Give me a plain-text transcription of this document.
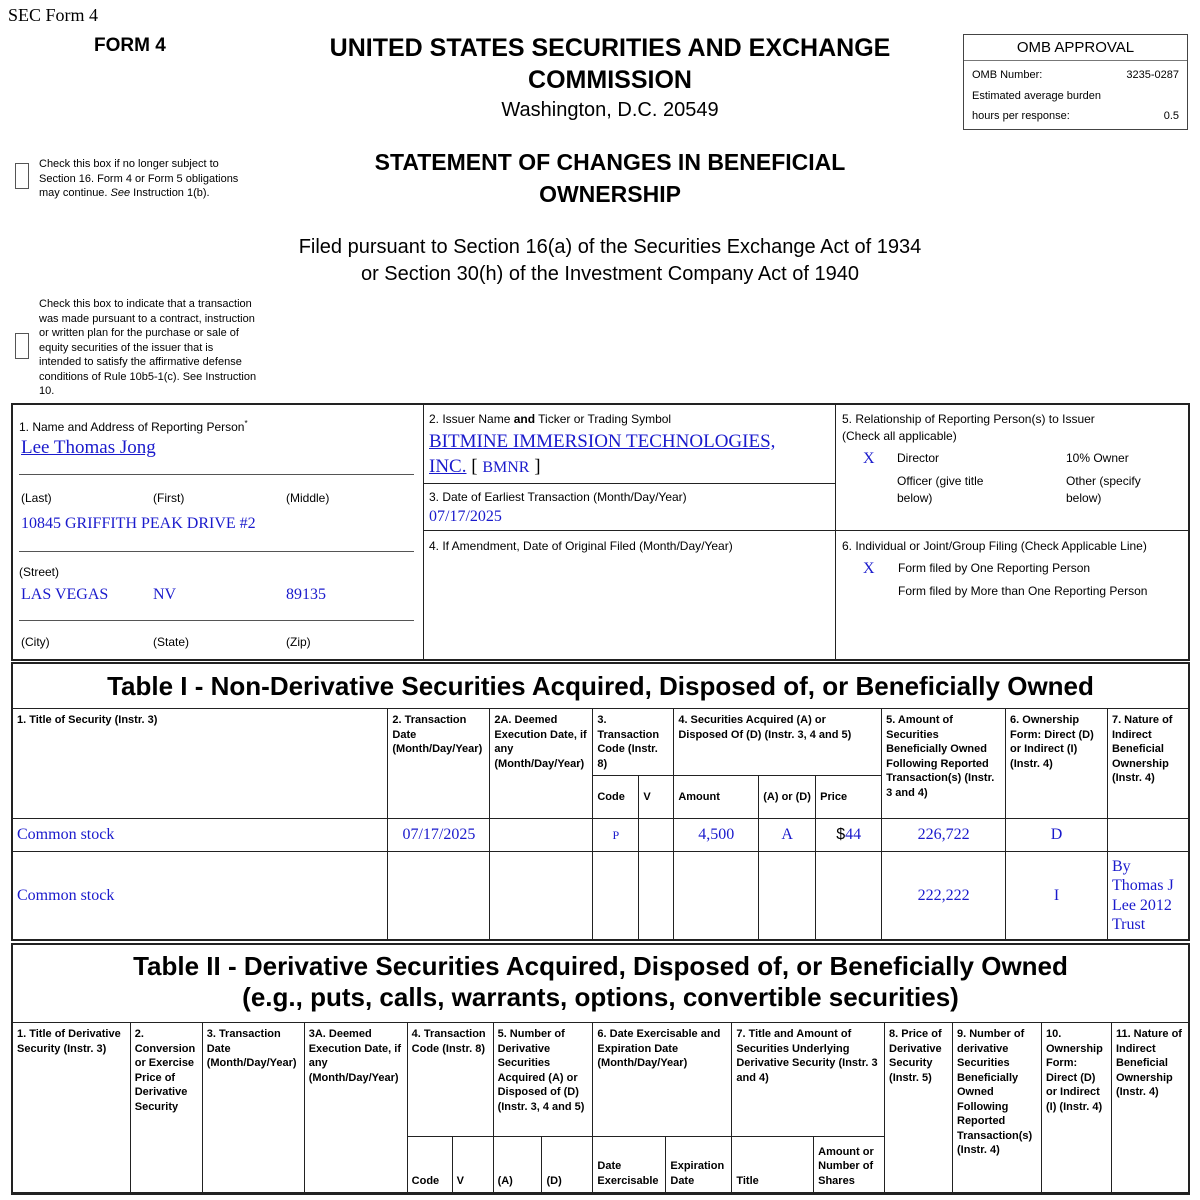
SEC Form 4
FORM 4	UNITED STATES SECURITIES AND EXCHANGE
COMMISSION
Washington, D.C. 20549
STATEMENT OF CHANGES IN BENEFICIAL
OWNERSHIP
Filed pursuant to Section 16(a) of the Securities Exchange Act of 1934
or Section 30(h) of the Investment Company Act of 1940
OMB APPROVAL
OMB Number:	3235-0287
Estimated average burden
hours per response:	0.5
Check this box if no longer subject to
Section 16. Form 4 or Form 5 obligations
may continue. See Instruction 1(b).
Check this box to indicate that a transaction
was made pursuant to a contract, instruction
or written plan for the purchase or sale of
equity securities of the issuer that is
intended to satisfy the affirmative defense
conditions of Rule 10b5-1(c). See Instruction
10.
1. Name and Address of Reporting Person*
Lee Thomas Jong
(Last)	(First)	(Middle)
10845 GRIFFITH PEAK DRIVE #2
(Street)
LAS VEGAS	NV	89135
(City)	(State)	(Zip)
2. Issuer Name and Ticker or Trading Symbol
BITMINE IMMERSION TECHNOLOGIES,
INC. [ BMNR ]
3. Date of Earliest Transaction (Month/Day/Year)
07/17/2025
4. If Amendment, Date of Original Filed (Month/Day/Year)
5. Relationship of Reporting Person(s) to Issuer
(Check all applicable)
X Director	10% Owner
Officer (give title
below)
Other (specify
below)
6. Individual or Joint/Group Filing (Check Applicable Line)
X Form filed by One Reporting Person
Form filed by More than One Reporting Person
Table I - Non-Derivative Securities Acquired, Disposed of, or Beneficially Owned
1. Title of Security (Instr. 3)	2. Transaction Date (Month/Day/Year)	2A. Deemed Execution Date, if any (Month/Day/Year)	3. Transaction Code (Instr. 8)		4. Securities Acquired (A) or Disposed Of (D) (Instr. 3, 4 and 5)			5. Amount of Securities Beneficially Owned Following Reported Transaction(s) (Instr. 3 and 4)	6. Ownership Form: Direct (D) or Indirect (I) (Instr. 4)	7. Nature of Indirect Beneficial Ownership (Instr. 4)
			Code	V	Amount	(A) or (D)	Price			
Common stock	07/17/2025		P		4,500	A	$44	226,722	D	
Common stock								222,222	I	By Thomas J Lee 2012 Trust
Table II - Derivative Securities Acquired, Disposed of, or Beneficially Owned
(e.g., puts, calls, warrants, options, convertible securities)
1. Title of Derivative Security (Instr. 3)	2. Conversion or Exercise Price of Derivative Security	3. Transaction Date (Month/Day/Year)	3A. Deemed Execution Date, if any (Month/Day/Year)	4. Transaction Code (Instr. 8)		5. Number of Derivative Securities Acquired (A) or Disposed of (D) (Instr. 3, 4 and 5)		6. Date Exercisable and Expiration Date (Month/Day/Year)		7. Title and Amount of Securities Underlying Derivative Security (Instr. 3 and 4)		8. Price of Derivative Security (Instr. 5)	9. Number of derivative Securities Beneficially Owned Following Reported Transaction(s) (Instr. 4)	10. Ownership Form: Direct (D) or Indirect (I) (Instr. 4)	11. Nature of Indirect Beneficial Ownership (Instr. 4)
				Code	V	(A)	(D)	Date Exercisable	Expiration Date	Title	Amount or Number of Shares				
